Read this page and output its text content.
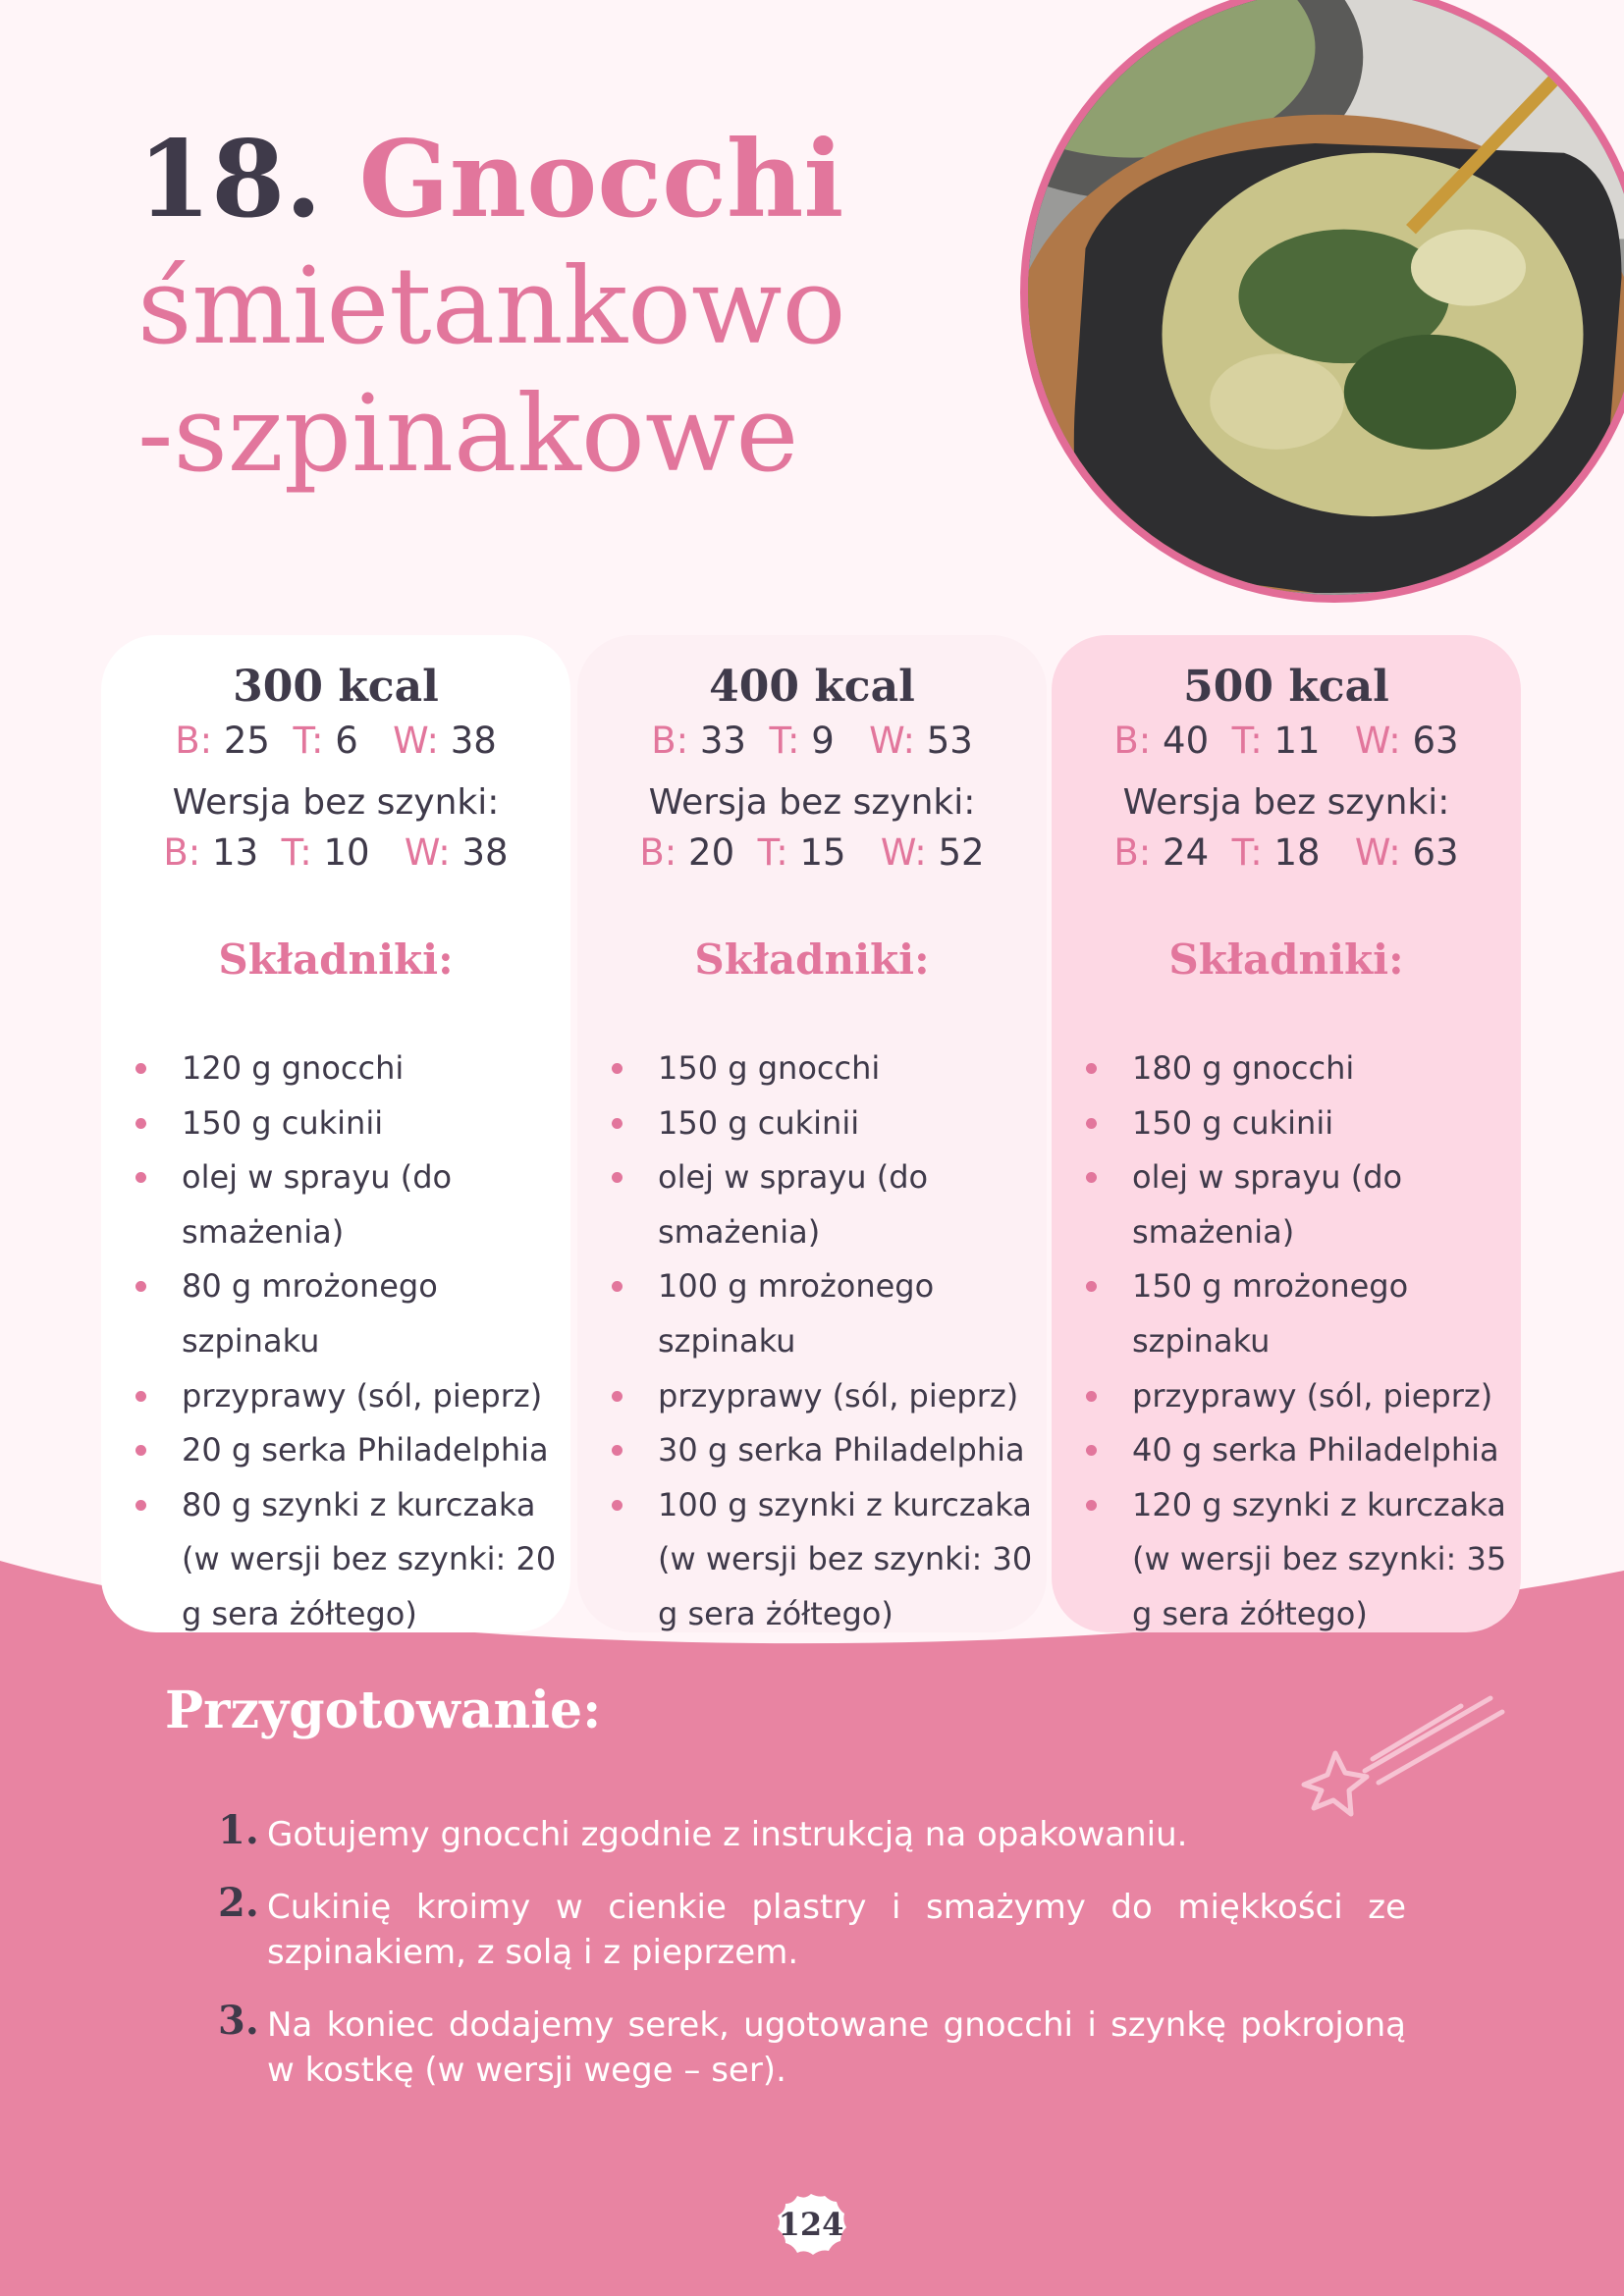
18. Gnocchi
śmietankowo
-szpinakowe
300 kcal
B: 25 T: 6 W: 38
Wersja bez szynki:
B: 13 T: 10 W: 38
Składniki:
120 g gnocchi
150 g cukinii
olej w sprayu (do smażenia)
80 g mrożonego szpinaku
przyprawy (sól, pieprz)
20 g serka Philadelphia
80 g szynki z kurczaka (w wersji bez szynki: 20 g sera żółtego)
400 kcal
B: 33 T: 9 W: 53
Wersja bez szynki:
B: 20 T: 15 W: 52
Składniki:
150 g gnocchi
150 g cukinii
olej w sprayu (do smażenia)
100 g mrożonego szpinaku
przyprawy (sól, pieprz)
30 g serka Philadelphia
100 g szynki z kurczaka (w wersji bez szynki: 30 g sera żółtego)
500 kcal
B: 40 T: 11 W: 63
Wersja bez szynki:
B: 24 T: 18 W: 63
Składniki:
180 g gnocchi
150 g cukinii
olej w sprayu (do smażenia)
150 g mrożonego szpinaku
przyprawy (sól, pieprz)
40 g serka Philadelphia
120 g szynki z kurczaka (w wersji bez szynki: 35 g sera żółtego)
Przygotowanie:
1. Gotujemy gnocchi zgodnie z instrukcją na opakowaniu.
2. Cukinię kroimy w cienkie plastry i smażymy do miękkości ze szpinakiem, z solą i z pieprzem.
3. Na koniec dodajemy serek, ugotowane gnocchi i szynkę pokrojoną w kostkę (w wersji wege – ser).
124
